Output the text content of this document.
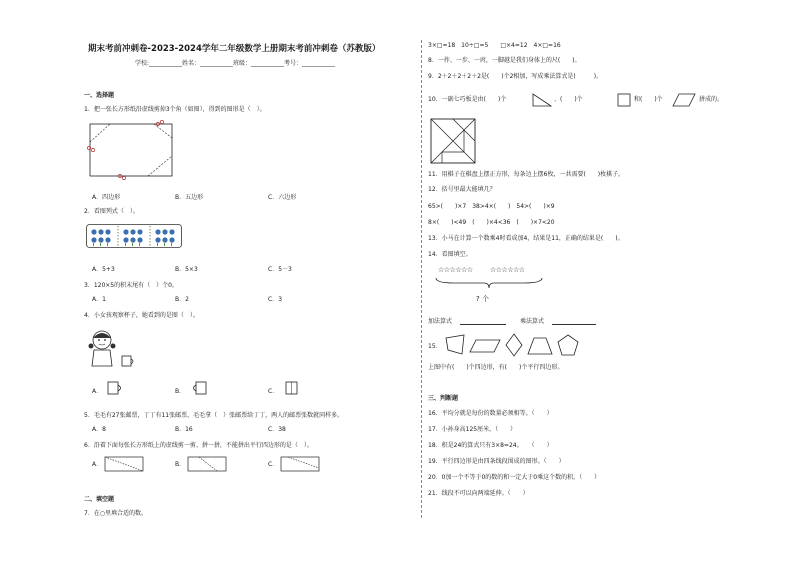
期末考前冲刺卷-2023-2024学年二年级数学上册期末考前冲刺卷（苏教版）
学校:___________姓名：___________班级：___________考号：___________
一、选择题
1．把一张长方形纸沿虚线剪掉3个角（如图），得到的图形是（　）。
A．四边形	B．五边形	C．六边形
2．看图列式（　）。
A．5+3	B．5×3	C．5－3
3．120×5的积末尾有（　）个0。
A．1	B．2	C．3
4．小女孩观察杯子，她看到的是图（　）。
A．	B．	C．
5．毛毛有27张邮票，丁丁有11张邮票，毛毛拿（　）张邮票给丁丁，两人的邮票张数就同样多。
A．8	B．16	C．38
6．沿着下面每张长方形纸上的虚线剪一剪、拼一拼，不能拼出平行四边形的是（　）。
A．	B．	C．
二、填空题
7．在○里填合适的数。
3×□=18　10÷□=5　　□×4=12　4×□=16
8．一拃、一步、一庹，一脚越是我们身体上的尺(　　)。
9．2＋2＋2＋2＋2是(　　)个2相加，写成乘法算式是(　　　)。
10．一副七巧板是由(　　)个	、(　　)个	和(　　)个	拼成的。
11．用棋子在棋盘上摆正方形，每条边上摆6枚，一共需要(　　)枚棋子。
12．括号里最大能填几？
65>(　　)×7　38>4×(　　)　54>(　　)×9
8×(　　)<49　(　　)×4<36　(　　)×7<20
13．小马在计算一个数乘4时看成加4，结果是11，正确的结果是(　　)。
14．看图填空。
☆☆☆☆☆☆ ☆☆☆☆☆☆
? 个
加法算式	乘法算式
15．
上图中有(　　)个四边形，有(　　)个平行四边形。
三、判断题
16．平均分就是每份的数量必须相等。（　　）
17．小孙身高125厘米。（　　）
18．积是24的算式只有3×8=24。　　（　　）
19．平行四边形是由四条线段围成的图形。（　　）
20．0加一个不等于0的数的和一定大于0乘这个数的积。（　　）
21．线段不可以向两端延伸。（　　）
